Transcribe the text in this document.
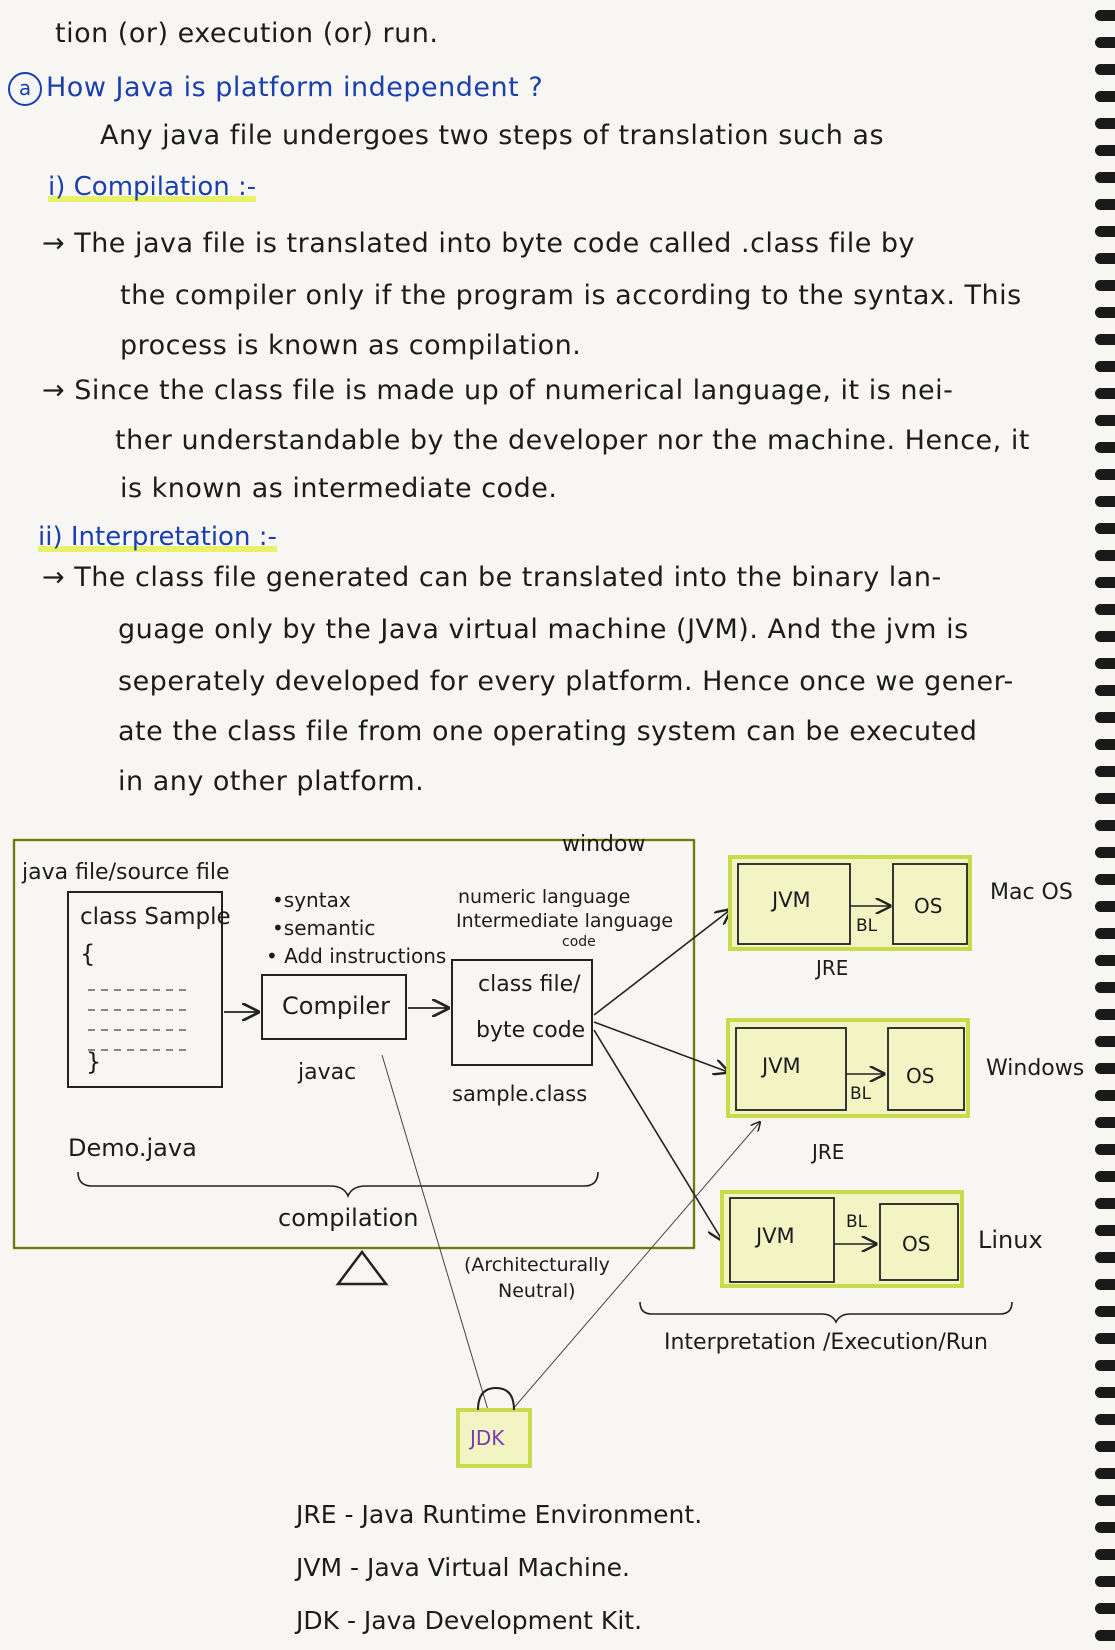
tion (or) execution (or) run.
a How Java is platform independent ?
Any java file undergoes two steps of translation such as
i) Compilation :-
→ The java file is translated into byte code called .class file by
the compiler only if the program is according to the syntax. This
process is known as compilation.
→ Since the class file is made up of numerical language, it is nei-
ther understandable by the developer nor the machine. Hence, it
is known as intermediate code.
ii) Interpretation :-
→ The class file generated can be translated into the binary lan-
guage only by the Java virtual machine (JVM). And the jvm is
seperately developed for every platform. Hence once we gener-
ate the class file from one operating system can be executed
in any other platform.
window
java file/source file
class Sample
{
}
•syntax
•semantic
• Add instructions
Compiler
javac
numeric language
Intermediate language
code
class file/
byte code
sample.class
Demo.java
compilation
(Architecturally
Neutral)
JDK
JVM
BL
OS
Mac OS
JRE
JVM
BL
OS Windows
JRE
JVM
BL
OS Linux
Interpretation /Execution/Run
JRE - Java Runtime Environment.
JVM - Java Virtual Machine.
JDK - Java Development Kit.
